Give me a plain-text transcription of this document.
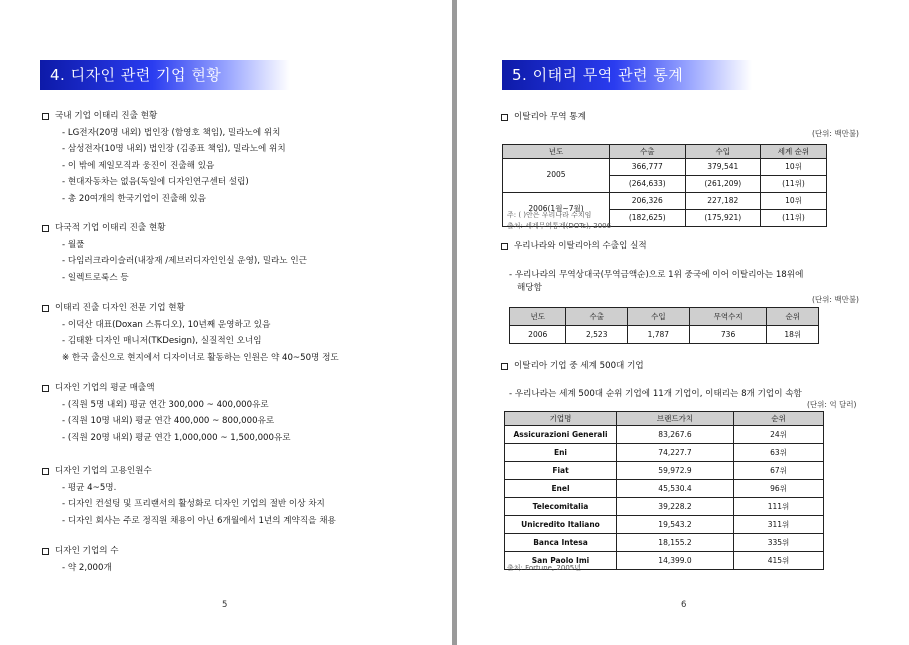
4. 디자인 관련 기업 현황
국내 기업 이태리 진출 현황
- LG전자(20명 내외) 법인장 (함영호 책임), 밀라노에 위치
- 삼성전자(10명 내외) 법인장 (김종표 책임), 밀라노에 위치
- 이 밖에 제일모직과 웅진이 진출해 있음
- 현대자동차는 없음(독일에 디자인연구센터 설립)
- 총 20여개의 한국기업이 진출해 있음
다국적 기업 이태리 진출 현황
- 월풀
- 다임러크라이슬러(내장재 /제브러디자인인실 운영), 밀라노 인근
- 일렉트로룩스 등
이태리 진출 디자인 전문 기업 현황
- 이덕산 대표(Doxan 스튜디오), 10년째 운영하고 있음
- 김태환 디자인 매니저(TKDesign), 실질적인 오너임
※ 한국 출신으로 현지에서 디자이너로 활동하는 인원은 약 40~50명 정도
디자인 기업의 평균 매출액
- (직원 5명 내외) 평균 연간 300,000 ~ 400,000유로
- (직원 10명 내외) 평균 연간 400,000 ~ 800,000유로
- (직원 20명 내외) 평균 연간 1,000,000 ~ 1,500,000유로
디자인 기업의 고용인원수
- 평균 4~5명.
- 디자인 컨설팅 및 프리랜서의 활성화로 디자인 기업의 절반 이상 차지
- 디자인 회사는 주로 정직원 채용이 아닌 6개월에서 1년의 계약직을 채용
디자인 기업의 수
- 약 2,000개
5
5. 이태리 무역 관련 통계
이탈리아 무역 통계
(단위: 백만불)
년도	수출	수입	세계 순위
2005	366,777	379,541	10위
	(264,633)	(261,209)	(11위)
2006(1월~7월)	206,326	227,182	10위
	(182,625)	(175,921)	(11위)
주: ( )안은 우리나라 수치임
출처: 세계무역통계(DOTs), 2006
우리나라와 이탈리아의 수출입 실적
- 우리나라의 무역상대국(무역금액순)으로 1위 중국에 이어 이탈리아는 18위에
해당함
(단위: 백만불)
년도	수출	수입	무역수지	순위
2006	2,523	1,787	736	18위
이탈리아 기업 중 세계 500대 기업
- 우리나라는 세계 500대 순위 기업에 11개 기업이, 이태리는 8개 기업이 속함
(단위: 억 달러)
기업명	브랜드가치	순위
Assicurazioni Generali	83,267.6	24위
Eni	74,227.7	63위
Fiat	59,972.9	67위
Enel	45,530.4	96위
Telecomitalia	39,228.2	111위
Unicredito Italiano	19,543.2	311위
Banca Intesa	18,155.2	335위
San Paolo Imi	14,399.0	415위
출처: Fortune, 2005년
6
